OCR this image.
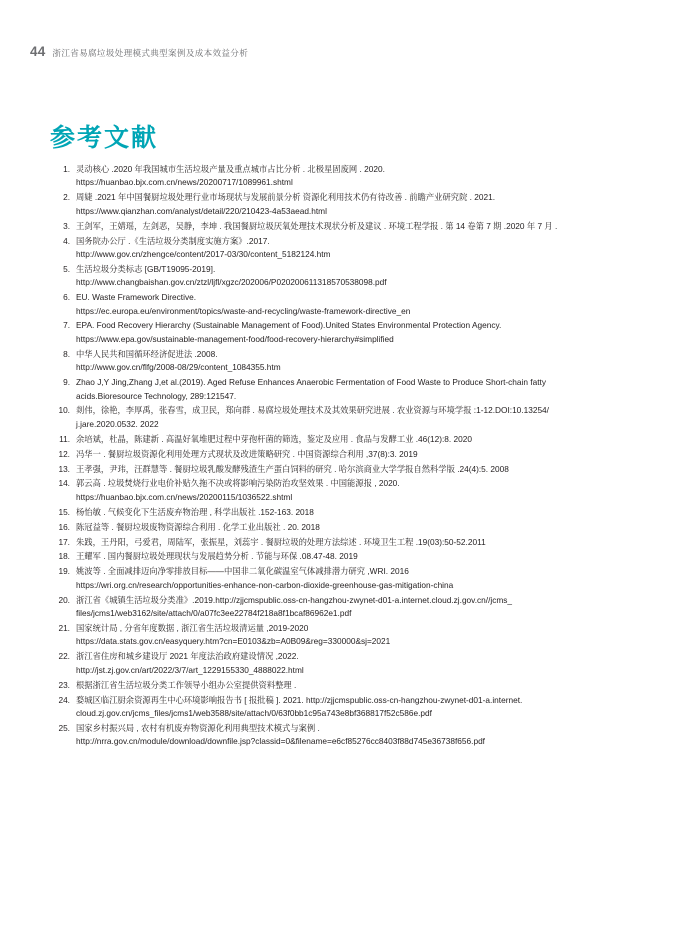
44 浙江省易腐垃圾处理模式典型案例及成本效益分析
参考文献
1. 灵动核心 .2020 年我国城市生活垃圾产量及重点城市占比分析 . 北极星固废网 . 2020.
https://huanbao.bjx.com.cn/news/20200717/1089961.shtml
2. 周婕 .2021 年中国餐厨垃圾处理行业市场现状与发展前景分析 资源化利用技术仍有待改善 . 前瞻产业研究院 . 2021.
https://www.qianzhan.com/analyst/detail/220/210423-4a53aead.html
3. 王剑军，王婧瑶，左剑恶，吴静，李坤 . 我国餐厨垃圾厌氧处理技术现状分析及建议 . 环境工程学报 . 第 14 卷第 7 期 .2020 年 7 月 .
4. 国务院办公厅 .《生活垃圾分类制度实施方案》.2017.
http://www.gov.cn/zhengce/content/2017-03/30/content_5182124.htm
5. 生活垃圾分类标志 [GB/T19095-2019].
http://www.changbaishan.gov.cn/ztzl/ljfl/xgzc/202006/P020200611318570538098.pdf
6. EU. Waste Framework Directive.
https://ec.europa.eu/environment/topics/waste-and-recycling/waste-framework-directive_en
7. EPA. Food Recovery Hierarchy (Sustainable Management of Food).United States Environmental Protection Agency.
https://www.epa.gov/sustainable-management-food/food-recovery-hierarchy#simplified
8. 中华人民共和国循环经济促进法 .2008.
http://www.gov.cn/flfg/2008-08/29/content_1084355.htm
9. Zhao J,Y Jing,Zhang J,et al.(2019). Aged Refuse Enhances Anaerobic Fermentation of Food Waste to Produce Short-chain fatty
acids.Bioresource Technology, 289:121547.
10. 剡伟，徐艳，李厚禹，张春雪，成卫民，郑向群 . 易腐垃圾处理技术及其效果研究进展 . 农业资源与环境学报 :1-12.DOI:10.13254/
j.jare.2020.0532. 2022
11. 余培斌，杜晶，陈建新 . 高温好氧堆肥过程中芽孢杆菌的筛选，鉴定及应用 . 食品与发酵工业 .46(12):8. 2020
12. 冯华一 . 餐厨垃圾资源化利用处理方式现状及改进策略研究 . 中国资源综合利用 ,37(8):3. 2019
13. 王孝强，尹玮，汪群慧等 . 餐厨垃圾乳酸发酵残渣生产蛋白饲料的研究 . 哈尔滨商业大学学报自然科学版 .24(4):5. 2008
14. 郭云高 . 垃圾焚烧行业电价补贴久拖不决或将影响污染防治攻坚效果 . 中国能源报 , 2020.
https://huanbao.bjx.com.cn/news/20200115/1036522.shtml
15. 杨怡敏 . 气候变化下生活废弃物治理 , 科学出版社 .152-163. 2018
16. 陈冠益等 . 餐厨垃圾废物资源综合利用 . 化学工业出版社 . 20. 2018
17. 朱践，王丹阳，弓爱君，周陆军，张振星，刘蕊宇 . 餐厨垃圾的处理方法综述 . 环境卫生工程 .19(03):50-52.2011
18. 王耀军 . 国内餐厨垃圾处理现状与发展趋势分析 . 节能与环保 .08.47-48. 2019
19. 姚波等 . 全面减排迈向净零排放目标——中国非二氧化碳温室气体减排潜力研究 ,WRI. 2016
https://wri.org.cn/research/opportunities-enhance-non-carbon-dioxide-greenhouse-gas-mitigation-china
20. 浙江省《城镇生活垃圾分类准》.2019.http://zjjcmspublic.oss-cn-hangzhou-zwynet-d01-a.internet.cloud.zj.gov.cn//jcms_
files/jcms1/web3162/site/attach/0/a07fc3ee22784f218a8f1bcaf86962e1.pdf
21. 国家统计局 , 分省年度数据 , 浙江省生活垃圾清运量 ,2019-2020
https://data.stats.gov.cn/easyquery.htm?cn=E0103&zb=A0B09&reg=330000&sj=2021
22. 浙江省住房和城乡建设厅 2021 年度法治政府建设情况 ,2022.
http://jst.zj.gov.cn/art/2022/3/7/art_1229155330_4888022.html
23. 根据浙江省生活垃圾分类工作领导小组办公室提供资料整理 .
24. 婺城区临江厨余资源再生中心环境影响报告书 [ 报批稿 ]. 2021. http://zjjcmspublic.oss-cn-hangzhou-zwynet-d01-a.internet.
cloud.zj.gov.cn/jcms_files/jcms1/web3588/site/attach/0/63f0bb1c95a743e8bf368817f52c586e.pdf
25. 国家乡村振兴局 , 农村有机废弃物资源化利用典型技术模式与案例 .
http://nrra.gov.cn/module/download/downfile.jsp?classid=0&filename=e6cf85276cc8403f88d745e36738f656.pdf
